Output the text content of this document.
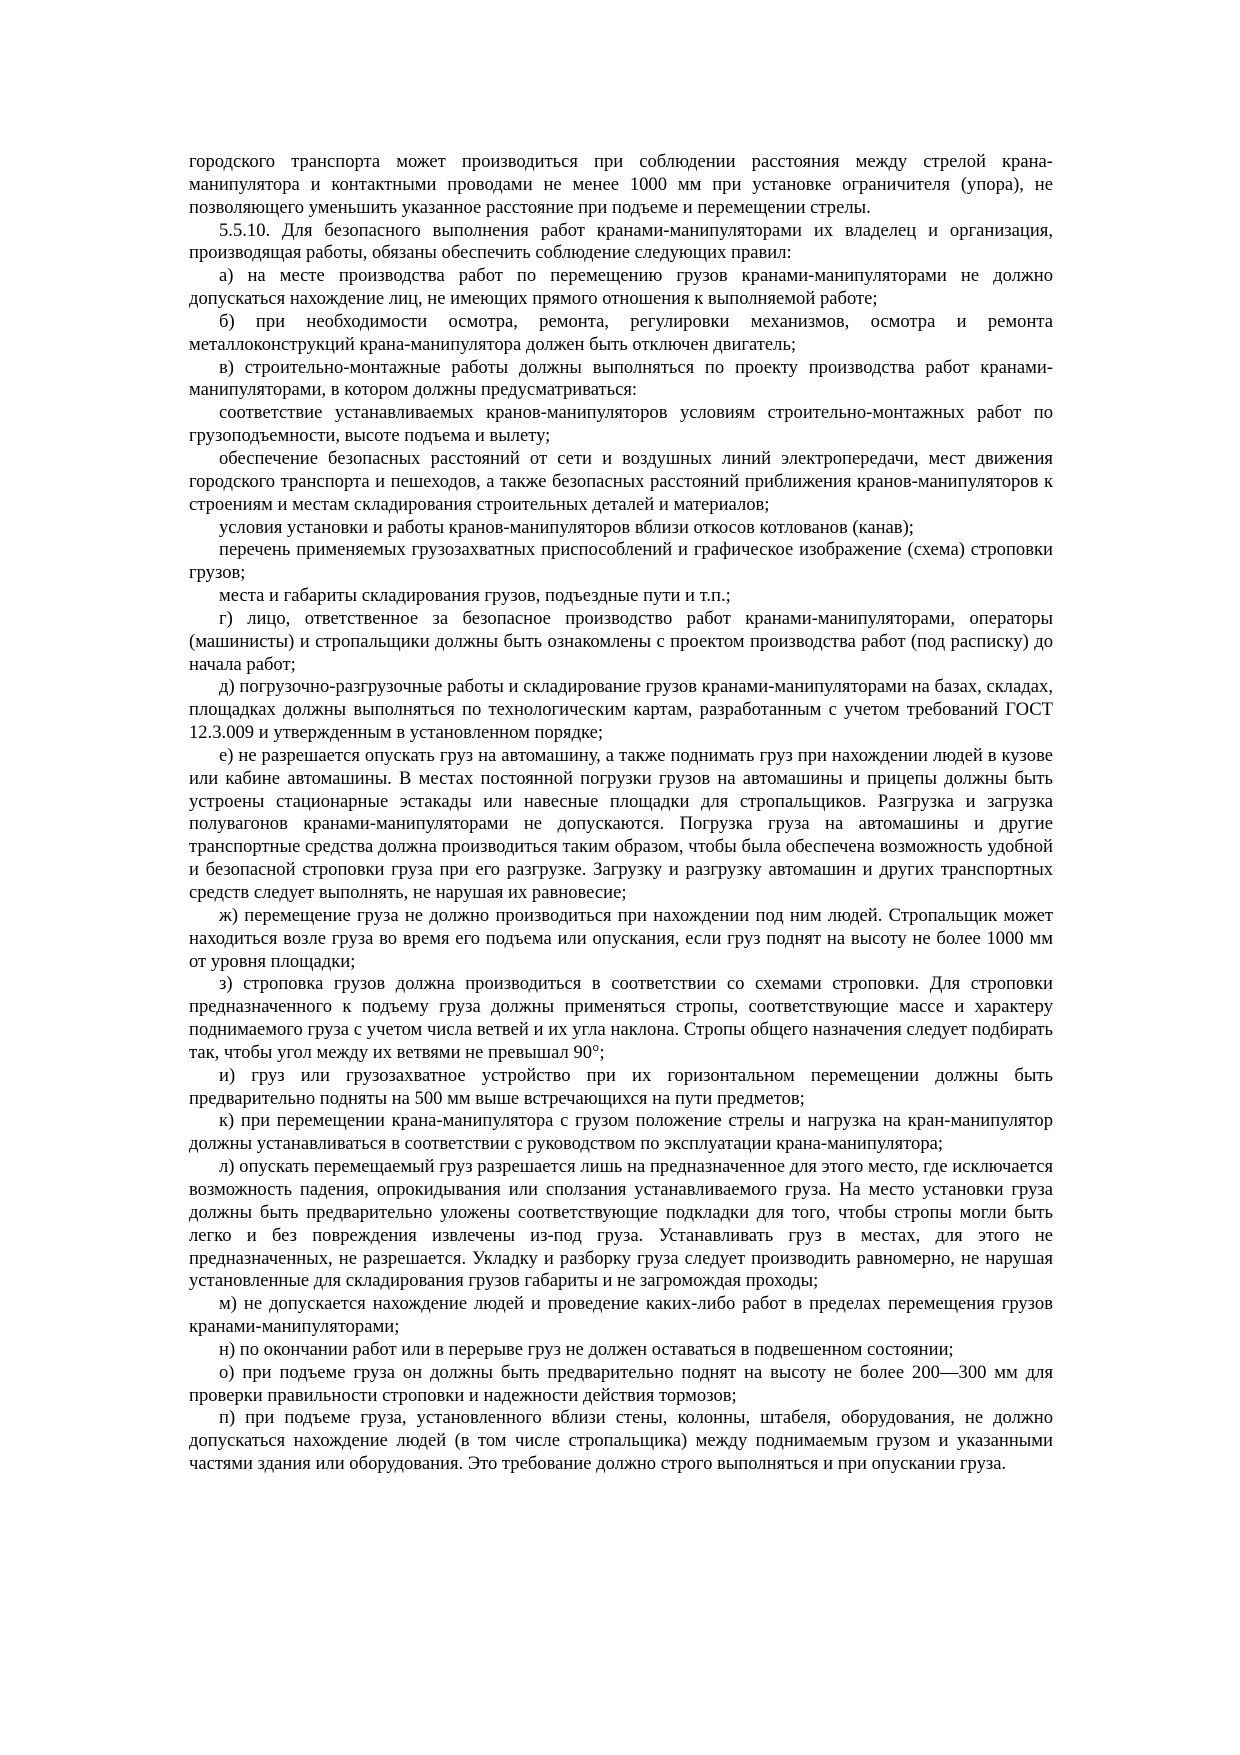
городского транспорта может производиться при соблюдении расстояния между стрелой крана-манипулятора и контактными проводами не менее 1000 мм при установке ограничителя (упора), не позволяющего уменьшить указанное расстояние при подъеме и перемещении стрелы.

5.5.10. Для безопасного выполнения работ кранами-манипуляторами их владелец и организация, производящая работы, обязаны обеспечить соблюдение следующих правил:

а) на месте производства работ по перемещению грузов кранами-манипуляторами не должно допускаться нахождение лиц, не имеющих прямого отношения к выполняемой работе;

б) при необходимости осмотра, ремонта, регулировки механизмов, осмотра и ремонта металлоконструкций крана-манипулятора должен быть отключен двигатель;

в) строительно-монтажные работы должны выполняться по проекту производства работ кранами-манипуляторами, в котором должны предусматриваться:

соответствие устанавливаемых кранов-манипуляторов условиям строительно-монтажных работ по грузоподъемности, высоте подъема и вылету;

обеспечение безопасных расстояний от сети и воздушных линий электропередачи, мест движения городского транспорта и пешеходов, а также безопасных расстояний приближения кранов-манипуляторов к строениям и местам складирования строительных деталей и материалов;

условия установки и работы кранов-манипуляторов вблизи откосов котлованов (канав);

перечень применяемых грузозахватных приспособлений и графическое изображение (схема) строповки грузов;

места и габариты складирования грузов, подъездные пути и т.п.;

г) лицо, ответственное за безопасное производство работ кранами-манипуляторами, операторы (машинисты) и стропальщики должны быть ознакомлены с проектом производства работ (под расписку) до начала работ;

д) погрузочно-разгрузочные работы и складирование грузов кранами-манипуляторами на базах, складах, площадках должны выполняться по технологическим картам, разработанным с учетом требований ГОСТ 12.3.009 и утвержденным в установленном порядке;

е) не разрешается опускать груз на автомашину, а также поднимать груз при нахождении людей в кузове или кабине автомашины. В местах постоянной погрузки грузов на автомашины и прицепы должны быть устроены стационарные эстакады или навесные площадки для стропальщиков. Разгрузка и загрузка полувагонов кранами-манипуляторами не допускаются. Погрузка груза на автомашины и другие транспортные средства должна производиться таким образом, чтобы была обеспечена возможность удобной и безопасной строповки груза при его разгрузке. Загрузку и разгрузку автомашин и других транспортных средств следует выполнять, не нарушая их равновесие;

ж) перемещение груза не должно производиться при нахождении под ним людей. Стропальщик может находиться возле груза во время его подъема или опускания, если груз поднят на высоту не более 1000 мм от уровня площадки;

з) строповка грузов должна производиться в соответствии со схемами строповки. Для строповки предназначенного к подъему груза должны применяться стропы, соответствующие массе и характеру поднимаемого груза с учетом числа ветвей и их угла наклона. Стропы общего назначения следует подбирать так, чтобы угол между их ветвями не превышал 90°;

и) груз или грузозахватное устройство при их горизонтальном перемещении должны быть предварительно подняты на 500 мм выше встречающихся на пути предметов;

к) при перемещении крана-манипулятора с грузом положение стрелы и нагрузка на кран-манипулятор должны устанавливаться в соответствии с руководством по эксплуатации крана-манипулятора;

л) опускать перемещаемый груз разрешается лишь на предназначенное для этого место, где исключается возможность падения, опрокидывания или сползания устанавливаемого груза. На место установки груза должны быть предварительно уложены соответствующие подкладки для того, чтобы стропы могли быть легко и без повреждения извлечены из-под груза. Устанавливать груз в местах, для этого не предназначенных, не разрешается. Укладку и разборку груза следует производить равномерно, не нарушая установленные для складирования грузов габариты и не загромождая проходы;

м) не допускается нахождение людей и проведение каких-либо работ в пределах перемещения грузов кранами-манипуляторами;

н) по окончании работ или в перерыве груз не должен оставаться в подвешенном состоянии;

о) при подъеме груза он должны быть предварительно поднят на высоту не более 200—300 мм для проверки правильности строповки и надежности действия тормозов;

п) при подъеме груза, установленного вблизи стены, колонны, штабеля, оборудования, не должно допускаться нахождение людей (в том числе стропальщика) между поднимаемым грузом и указанными частями здания или оборудования. Это требование должно строго выполняться и при опускании груза.
